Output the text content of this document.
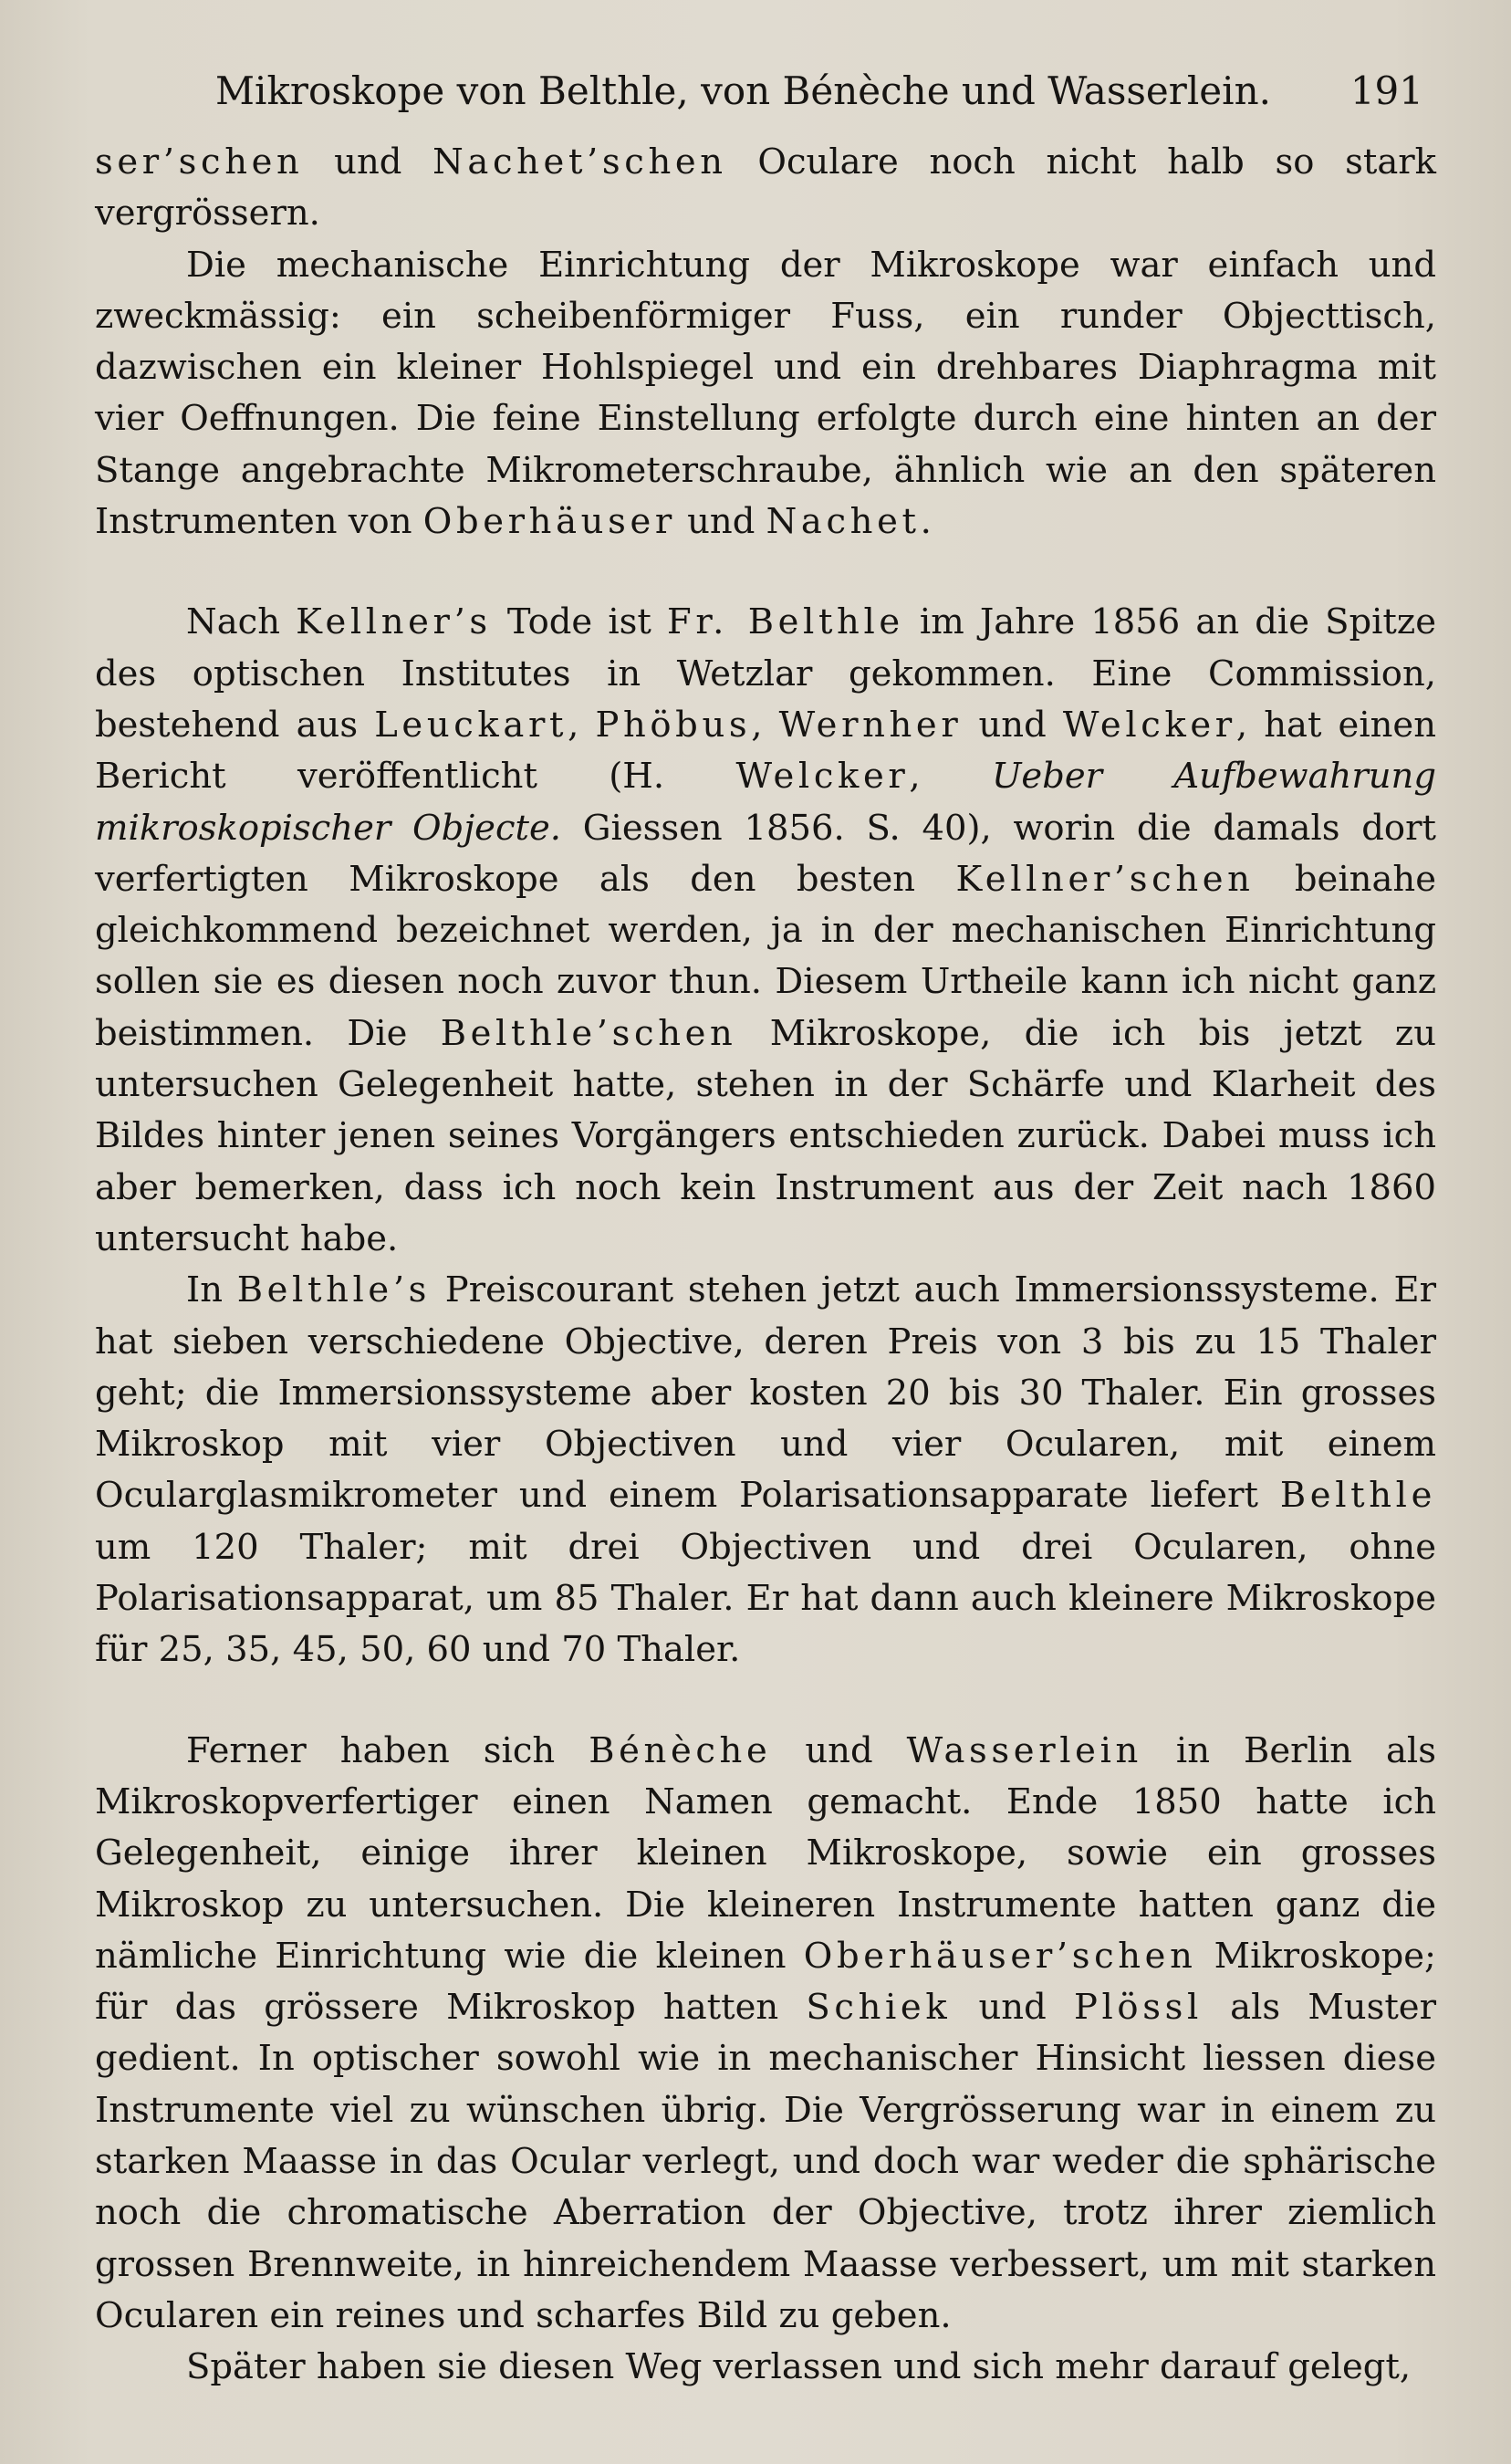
Mikroskope von Belthle, von Bénèche und Wasserlein. 191

ser’schen und Nachet’schen Oculare noch nicht halb so stark vergrössern.

Die mechanische Einrichtung der Mikroskope war einfach und zweckmässig: ein scheibenförmiger Fuss, ein runder Objecttisch, dazwischen ein kleiner Hohlspiegel und ein drehbares Diaphragma mit vier Oeffnungen. Die feine Einstellung erfolgte durch eine hinten an der Stange angebrachte Mikrometerschraube, ähnlich wie an den späteren Instrumenten von Oberhäuser und Nachet.

Nach Kellner’s Tode ist Fr. Belthle im Jahre 1856 an die Spitze des optischen Institutes in Wetzlar gekommen. Eine Commission, bestehend aus Leuckart, Phöbus, Wernher und Welcker, hat einen Bericht veröffentlicht (H. Welcker, Ueber Aufbewahrung mikroskopischer Objecte. Giessen 1856. S. 40), worin die damals dort verfertigten Mikroskope als den besten Kellner’schen beinahe gleichkommend bezeichnet werden, ja in der mechanischen Einrichtung sollen sie es diesen noch zuvor thun. Diesem Urtheile kann ich nicht ganz beistimmen. Die Belthle’schen Mikroskope, die ich bis jetzt zu untersuchen Gelegenheit hatte, stehen in der Schärfe und Klarheit des Bildes hinter jenen seines Vorgängers entschieden zurück. Dabei muss ich aber bemerken, dass ich noch kein Instrument aus der Zeit nach 1860 untersucht habe.

In Belthle’s Preiscourant stehen jetzt auch Immersionssysteme. Er hat sieben verschiedene Objective, deren Preis von 3 bis zu 15 Thaler geht; die Immersionssysteme aber kosten 20 bis 30 Thaler. Ein grosses Mikroskop mit vier Objectiven und vier Ocularen, mit einem Ocularglasmikrometer und einem Polarisationsapparate liefert Belthle um 120 Thaler; mit drei Objectiven und drei Ocularen, ohne Polarisationsapparat, um 85 Thaler. Er hat dann auch kleinere Mikroskope für 25, 35, 45, 50, 60 und 70 Thaler.

Ferner haben sich Bénèche und Wasserlein in Berlin als Mikroskopverfertiger einen Namen gemacht. Ende 1850 hatte ich Gelegenheit, einige ihrer kleinen Mikroskope, sowie ein grosses Mikroskop zu untersuchen. Die kleineren Instrumente hatten ganz die nämliche Einrichtung wie die kleinen Oberhäuser’schen Mikroskope; für das grössere Mikroskop hatten Schiek und Plössl als Muster gedient. In optischer sowohl wie in mechanischer Hinsicht liessen diese Instrumente viel zu wünschen übrig. Die Vergrösserung war in einem zu starken Maasse in das Ocular verlegt, und doch war weder die sphärische noch die chromatische Aberration der Objective, trotz ihrer ziemlich grossen Brennweite, in hinreichendem Maasse verbessert, um mit starken Ocularen ein reines und scharfes Bild zu geben.

Später haben sie diesen Weg verlassen und sich mehr darauf gelegt,
